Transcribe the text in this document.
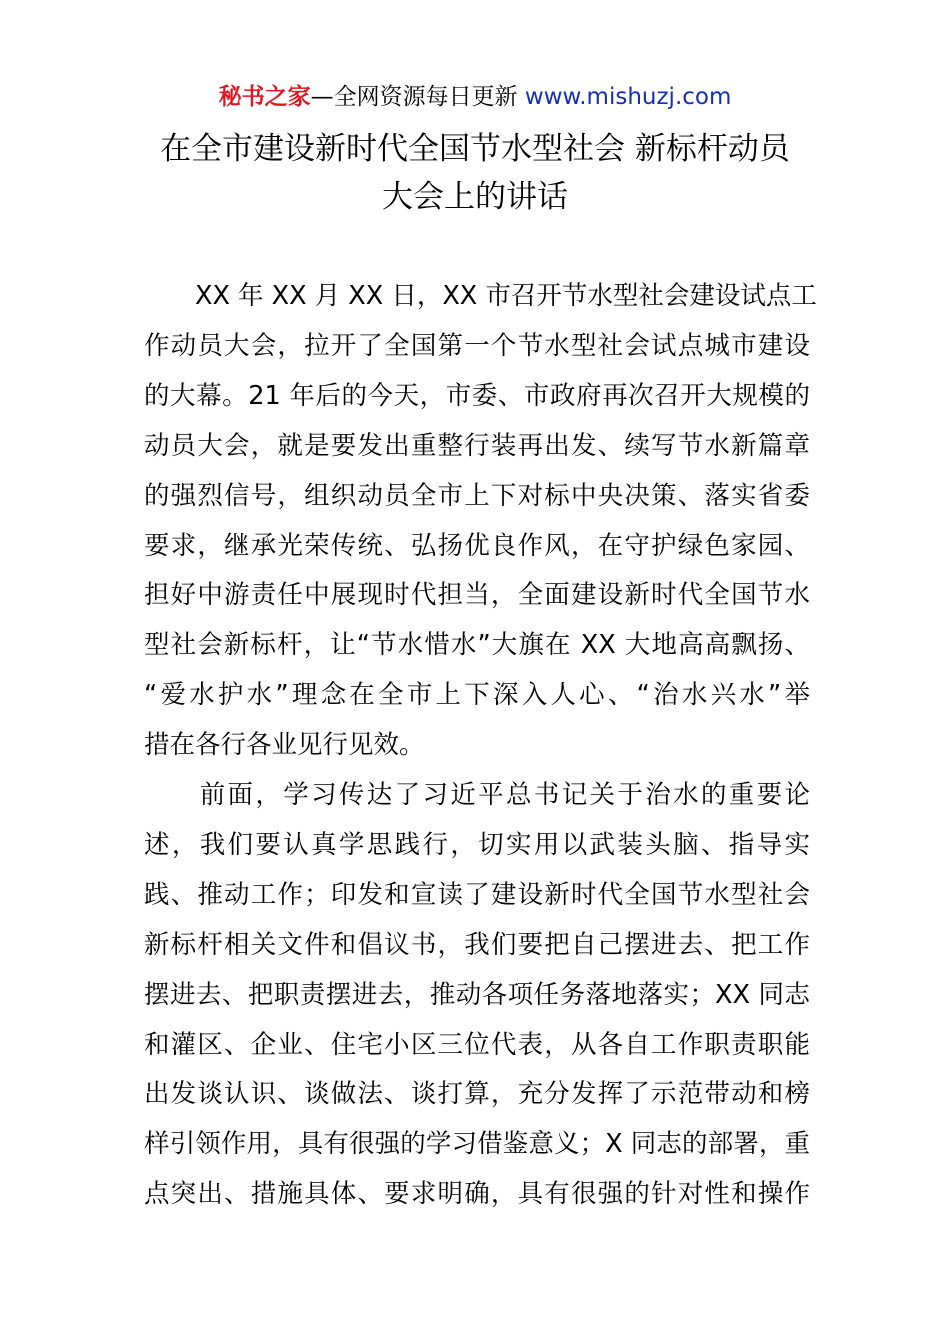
秘书之家—全网资源每日更新 www.mishuzj.com
在全市建设新时代全国节水型社会 新标杆动员
大会上的讲话
　　XX 年 XX 月 XX 日，XX 市召开节水型社会建设试点工
作动员大会，拉开了全国第一个节水型社会试点城市建设
的大幕。21 年后的今天，市委、市政府再次召开大规模的
动员大会，就是要发出重整行装再出发、续写节水新篇章
的强烈信号，组织动员全市上下对标中央决策、落实省委
要求，继承光荣传统、弘扬优良作风，在守护绿色家园、
担好中游责任中展现时代担当，全面建设新时代全国节水
型社会新标杆，让“节水惜水”大旗在 XX 大地高高飘扬、
“爱水护水”理念在全市上下深入人心、“治水兴水”举
措在各行各业见行见效。
　　前面，学习传达了习近平总书记关于治水的重要论
述，我们要认真学思践行，切实用以武装头脑、指导实
践、推动工作；印发和宣读了建设新时代全国节水型社会
新标杆相关文件和倡议书，我们要把自己摆进去、把工作
摆进去、把职责摆进去，推动各项任务落地落实；XX 同志
和灌区、企业、住宅小区三位代表，从各自工作职责职能
出发谈认识、谈做法、谈打算，充分发挥了示范带动和榜
样引领作用，具有很强的学习借鉴意义；X 同志的部署，重
点突出、措施具体、要求明确，具有很强的针对性和操作
